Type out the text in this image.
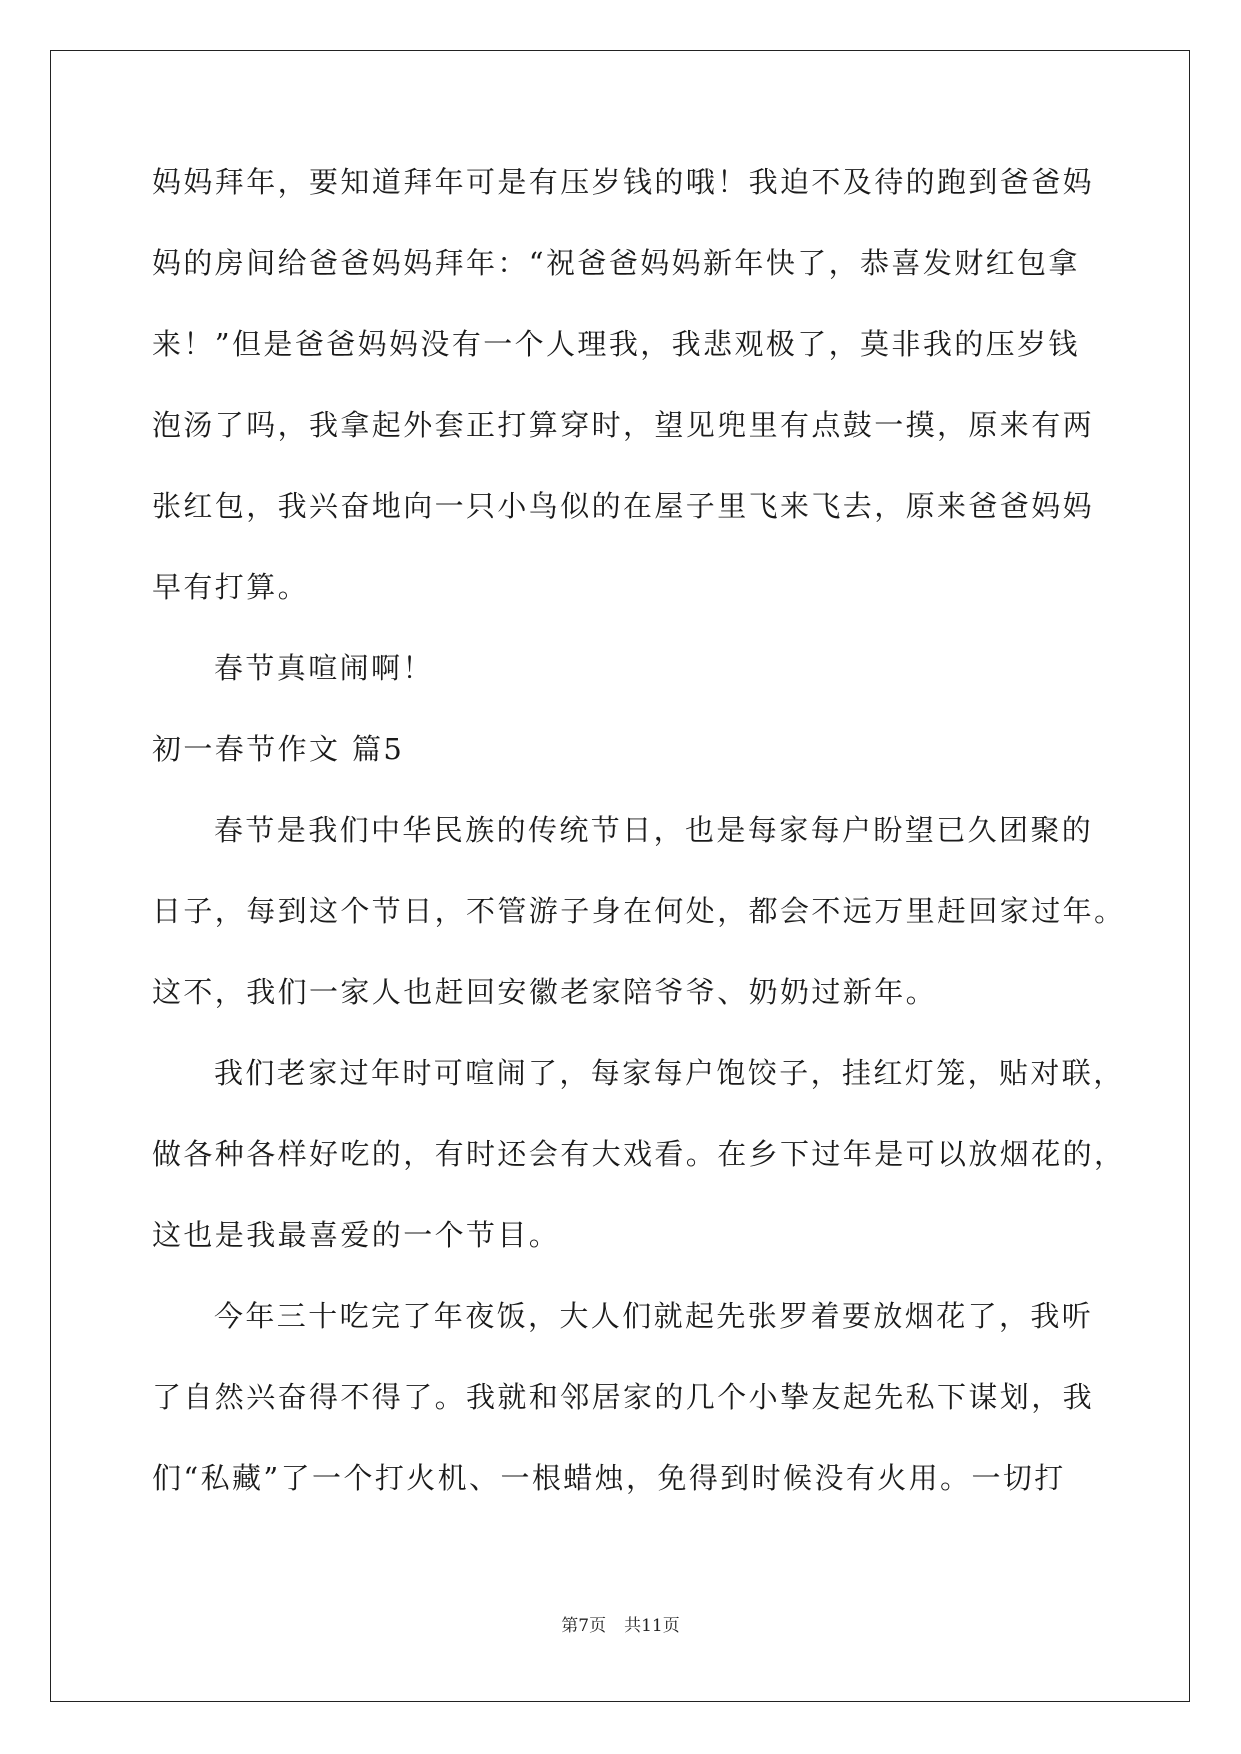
妈妈拜年，要知道拜年可是有压岁钱的哦！我迫不及待的跑到爸爸妈
妈的房间给爸爸妈妈拜年：“祝爸爸妈妈新年快了，恭喜发财红包拿
来！”但是爸爸妈妈没有一个人理我，我悲观极了，莫非我的压岁钱
泡汤了吗，我拿起外套正打算穿时，望见兜里有点鼓一摸，原来有两
张红包，我兴奋地向一只小鸟似的在屋子里飞来飞去，原来爸爸妈妈
早有打算。
春节真喧闹啊！
初一春节作文 篇5
春节是我们中华民族的传统节日，也是每家每户盼望已久团聚的
日子，每到这个节日，不管游子身在何处，都会不远万里赶回家过年。
这不，我们一家人也赶回安徽老家陪爷爷、奶奶过新年。
我们老家过年时可喧闹了，每家每户饱饺子，挂红灯笼，贴对联，
做各种各样好吃的，有时还会有大戏看。在乡下过年是可以放烟花的，
这也是我最喜爱的一个节目。
今年三十吃完了年夜饭，大人们就起先张罗着要放烟花了，我听
了自然兴奋得不得了。我就和邻居家的几个小挚友起先私下谋划，我
们“私藏”了一个打火机、一根蜡烛，免得到时候没有火用。一切打
第7页 共11页
